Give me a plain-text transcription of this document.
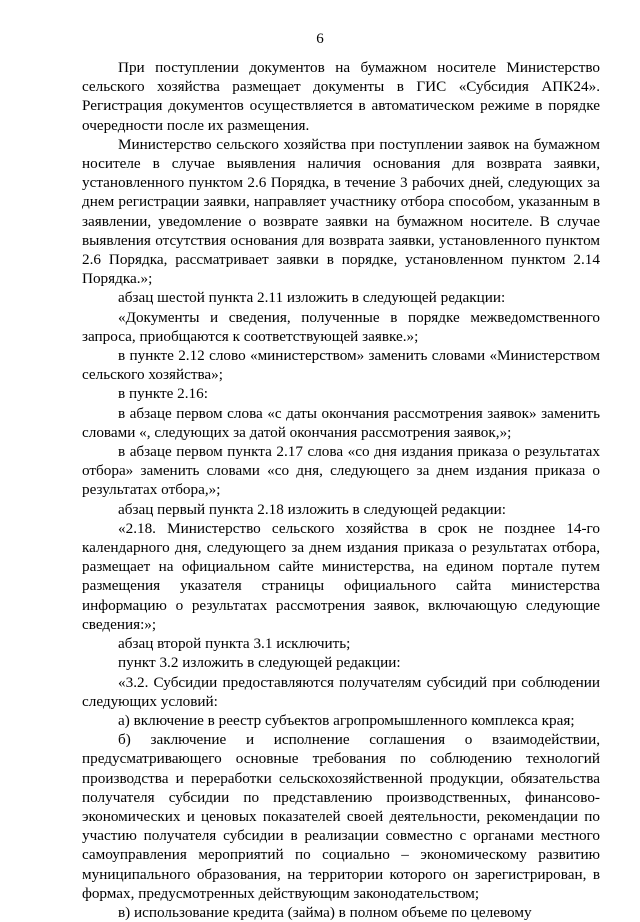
6

При поступлении документов на бумажном носителе Министерство сельского хозяйства размещает документы в ГИС «Субсидия АПК24». Регистрация документов осуществляется в автоматическом режиме в порядке очередности после их размещения.

Министерство сельского хозяйства при поступлении заявок на бумажном носителе в случае выявления наличия основания для возврата заявки, установленного пунктом 2.6 Порядка, в течение 3 рабочих дней, следующих за днем регистрации заявки, направляет участнику отбора способом, указанным в заявлении, уведомление о возврате заявки на бумажном носителе. В случае выявления отсутствия основания для возврата заявки, установленного пунктом 2.6 Порядка, рассматривает заявки в порядке, установленном пунктом 2.14 Порядка.»;

абзац шестой пункта 2.11 изложить в следующей редакции:

«Документы и сведения, полученные в порядке межведомственного запроса, приобщаются к соответствующей заявке.»;

в пункте 2.12 слово «министерством» заменить словами «Министерством сельского хозяйства»;

в пункте 2.16:

в абзаце первом слова «с даты окончания рассмотрения заявок» заменить словами «, следующих за датой окончания рассмотрения заявок,»;

в абзаце первом пункта 2.17 слова «со дня издания приказа о результатах отбора» заменить словами «со дня, следующего за днем издания приказа о результатах отбора,»;

абзац первый пункта 2.18 изложить в следующей редакции:

«2.18. Министерство сельского хозяйства в срок не позднее 14-го календарного дня, следующего за днем издания приказа о результатах отбора, размещает на официальном сайте министерства, на едином портале путем размещения указателя страницы официального сайта министерства информацию о результатах рассмотрения заявок, включающую следующие сведения:»;

абзац второй пункта 3.1 исключить;

пункт 3.2 изложить в следующей редакции:

«3.2. Субсидии предоставляются получателям субсидий при соблюдении следующих условий:

а) включение в реестр субъектов агропромышленного комплекса края;

б) заключение и исполнение соглашения о взаимодействии, предусматривающего основные требования по соблюдению технологий производства и переработки сельскохозяйственной продукции, обязательства получателя субсидии по представлению производственных, финансово-экономических и ценовых показателей своей деятельности, рекомендации по участию получателя субсидии в реализации совместно с органами местного самоуправления мероприятий по социально – экономическому развитию муниципального образования, на территории которого он зарегистрирован, в формах, предусмотренных действующим законодательством;

в) использование кредита (займа) в полном объеме по целевому
